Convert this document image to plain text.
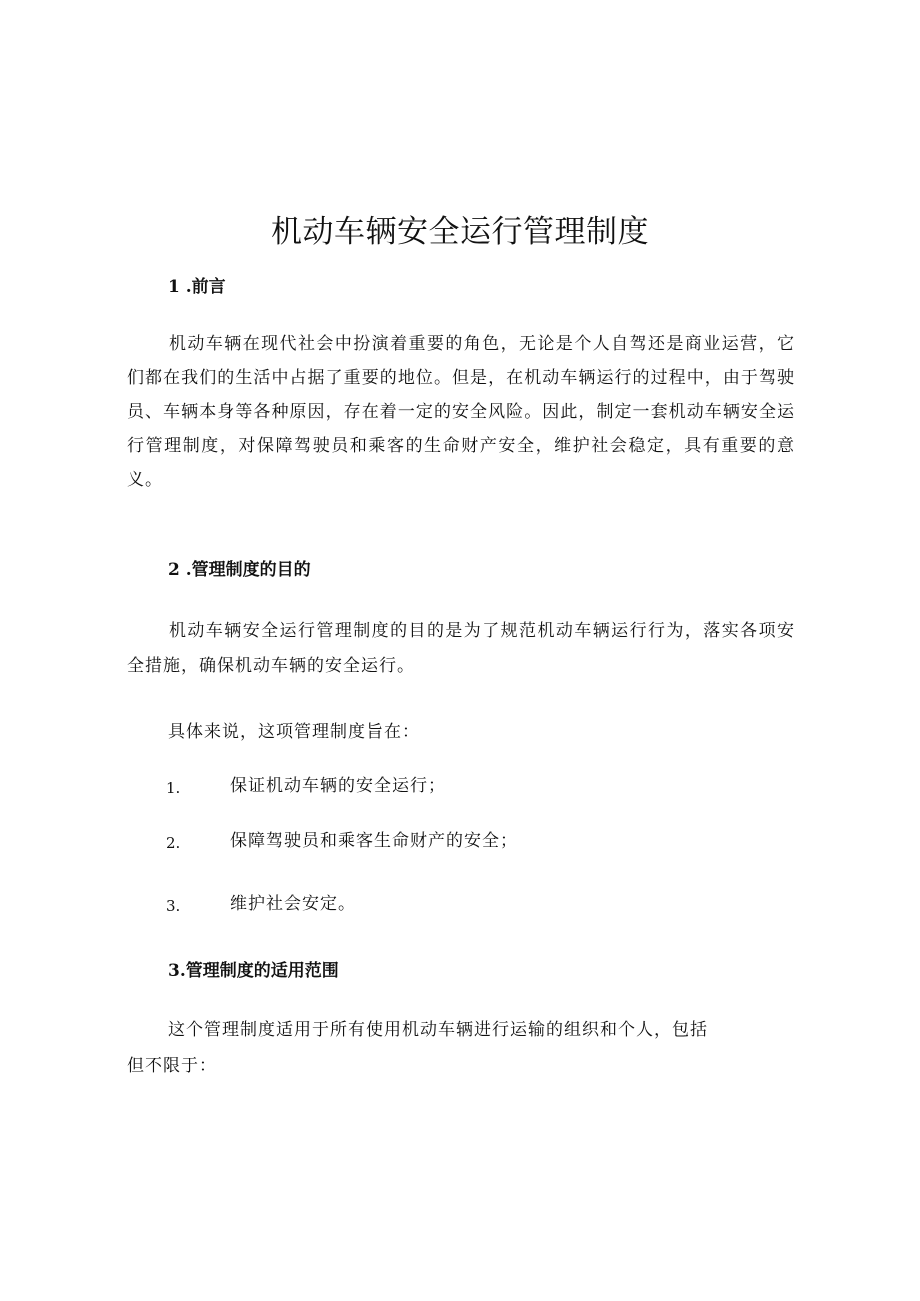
机动车辆安全运行管理制度
1 .前言

机动车辆在现代社会中扮演着重要的角色，无论是个人自驾还是商业运营，它们都在我们的生活中占据了重要的地位。但是，在机动车辆运行的过程中，由于驾驶员、车辆本身等各种原因，存在着一定的安全风险。因此，制定一套机动车辆安全运行管理制度，对保障驾驶员和乘客的生命财产安全，维护社会稳定，具有重要的意义。

2 .管理制度的目的

机动车辆安全运行管理制度的目的是为了规范机动车辆运行行为，落实各项安全措施，确保机动车辆的安全运行。

具体来说，这项管理制度旨在：
1.	保证机动车辆的安全运行；
2.	保障驾驶员和乘客生命财产的安全；
3.	维护社会安定。
3.管理制度的适用范围
这个管理制度适用于所有使用机动车辆进行运输的组织和个人，包括
但不限于：
